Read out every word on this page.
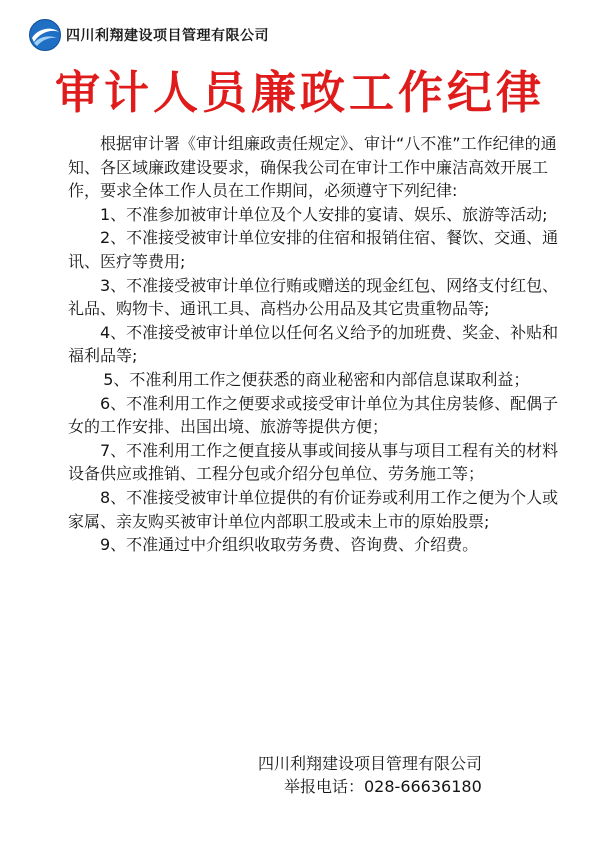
四川利翔建设项目管理有限公司
审计人员廉政工作纪律

根据审计署《审计组廉政责任规定》、审计“八不准”工作纪律的通知、各区域廉政建设要求，确保我公司在审计工作中廉洁高效开展工作，要求全体工作人员在工作期间，必须遵守下列纪律:

1、不准参加被审计单位及个人安排的宴请、娱乐、旅游等活动;

2、不准接受被审计单位安排的住宿和报销住宿、餐饮、交通、通讯、医疗等费用;

3、不准接受被审计单位行贿或赠送的现金红包、网络支付红包、礼品、购物卡、通讯工具、高档办公用品及其它贵重物品等;

4、不准接受被审计单位以任何名义给予的加班费、奖金、补贴和福利品等;

5、不准利用工作之便获悉的商业秘密和内部信息谋取利益；

6、不准利用工作之便要求或接受审计单位为其住房装修、配偶子女的工作安排、出国出境、旅游等提供方便；

7、不准利用工作之便直接从事或间接从事与项目工程有关的材料设备供应或推销、工程分包或介绍分包单位、劳务施工等；

8、不准接受被审计单位提供的有价证券或利用工作之便为个人或家属、亲友购买被审计单位内部职工股或未上市的原始股票;

9、不准通过中介组织收取劳务费、咨询费、介绍费。

四川利翔建设项目管理有限公司

举报电话：028-66636180
